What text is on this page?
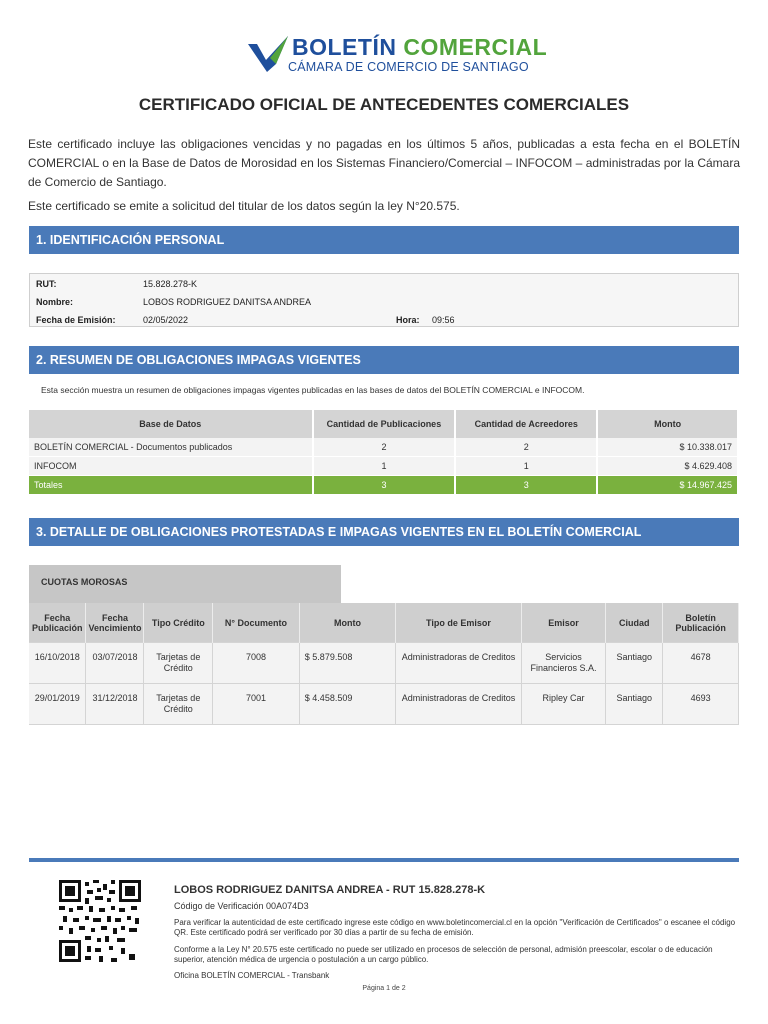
BOLETÍN COMERCIAL
CÁMARA DE COMERCIO DE SANTIAGO
CERTIFICADO OFICIAL DE ANTECEDENTES COMERCIALES

Este certificado incluye las obligaciones vencidas y no pagadas en los últimos 5 años, publicadas a esta fecha en el BOLETÍN COMERCIAL o en la Base de Datos de Morosidad en los Sistemas Financiero/Comercial – INFOCOM – administradas por la Cámara de Comercio de Santiago.

Este certificado se emite a solicitud del titular de los datos según la ley N°20.575.

1. IDENTIFICACIÓN PERSONAL
RUT:	15.828.278-K
Nombre:	LOBOS RODRIGUEZ DANITSA ANDREA
Fecha de Emisión:	02/05/2022	Hora: 09:56
2. RESUMEN DE OBLIGACIONES IMPAGAS VIGENTES
Esta sección muestra un resumen de obligaciones impagas vigentes publicadas en las bases de datos del BOLETÍN COMERCIAL e INFOCOM.
Base de Datos	Cantidad de Publicaciones	Cantidad de Acreedores	Monto
BOLETÍN COMERCIAL - Documentos publicados	2	2	$ 10.338.017
INFOCOM	1	1	$ 4.629.408
Totales	3	3	$ 14.967.425
3. DETALLE DE OBLIGACIONES PROTESTADAS E IMPAGAS VIGENTES EN EL BOLETÍN COMERCIAL
CUOTAS MOROSAS
Fecha Publicación	Fecha Vencimiento	Tipo Crédito	N° Documento	Monto	Tipo de Emisor	Emisor	Ciudad	Boletín Publicación
16/10/2018	03/07/2018	Tarjetas de Crédito	7008	$ 5.879.508	Administradoras de Creditos	Servicios Financieros S.A.	Santiago	4678
29/01/2019	31/12/2018	Tarjetas de Crédito	7001	$ 4.458.509	Administradoras de Creditos	Ripley Car	Santiago	4693
LOBOS RODRIGUEZ DANITSA ANDREA - RUT 15.828.278-K
Código de Verificación 00A074D3
Para verificar la autenticidad de este certificado ingrese este código en www.boletincomercial.cl en la opción "Verificación de Certificados" o escanee el código QR. Este certificado podrá ser verificado por 30 días a partir de su fecha de emisión.
Conforme a la Ley N° 20.575 este certificado no puede ser utilizado en procesos de selección de personal, admisión preescolar, escolar o de educación superior, atención médica de urgencia o postulación a un cargo público.
Oficina BOLETÍN COMERCIAL - Transbank
Página 1 de 2
